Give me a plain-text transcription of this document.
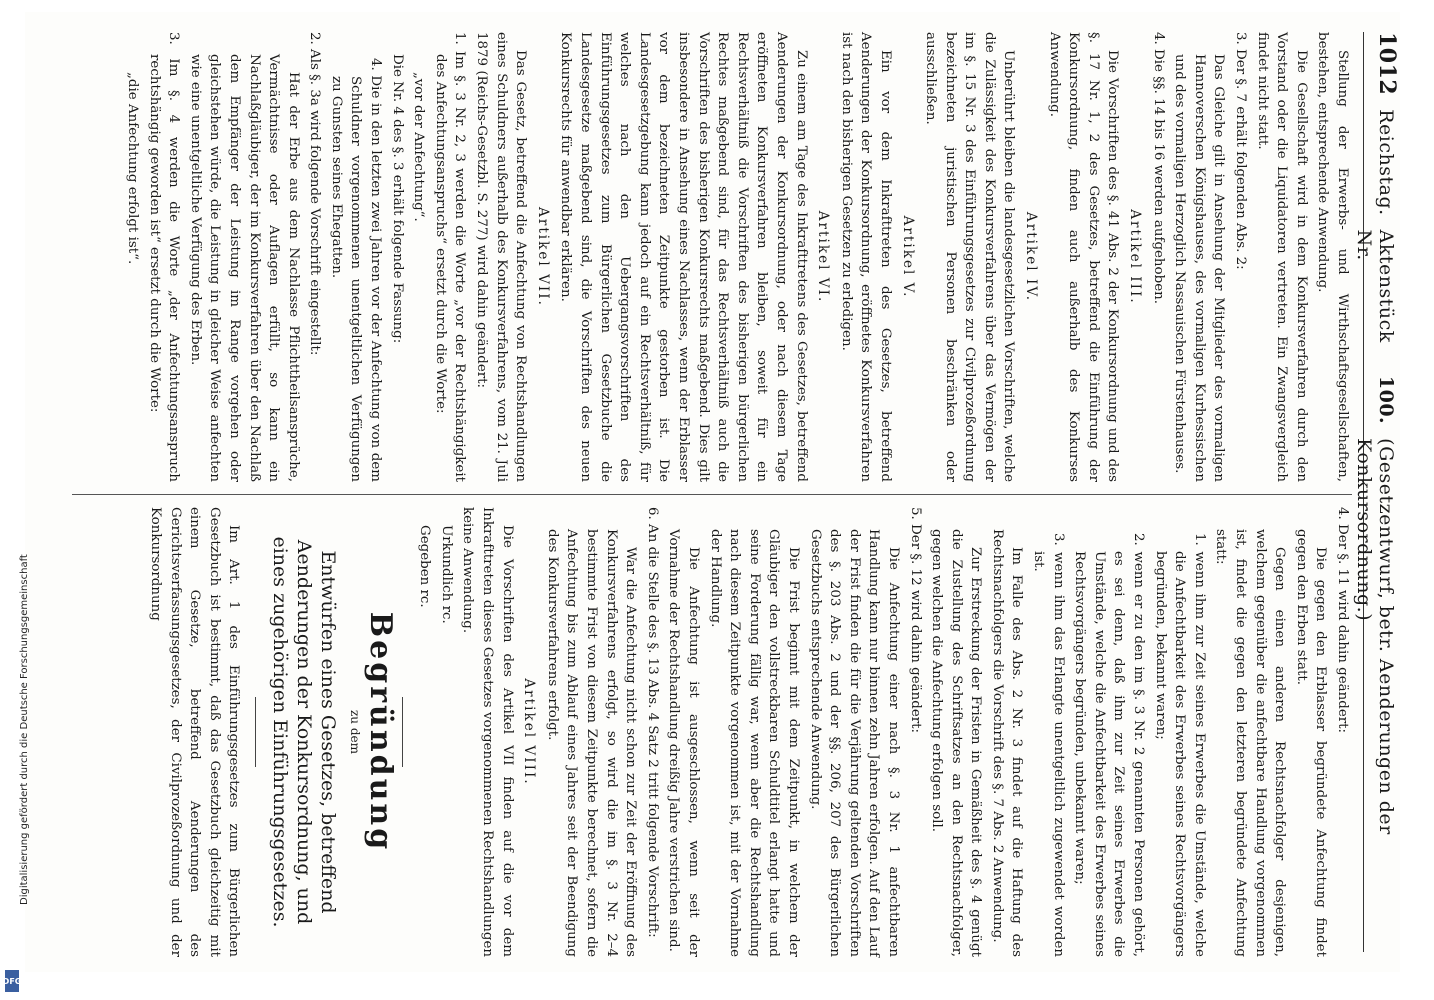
1012
Reichstag.
Aktenstück Nr.
100.
(Gesetzentwurf, betr. Aenderungen der Konkursordnung.)

Stellung der Erwerbs- und Wirthschaftsgesellschaften, bestehen, entsprechende Anwendung.

Die Gesellschaft wird in dem Konkursverfahren durch den Vorstand oder die Liquidatoren vertreten. Ein Zwangsvergleich findet nicht statt.

3. Der §. 7 erhält folgenden Abs. 2:

Das Gleiche gilt in Ansehung der Mitglieder des vormaligen Hannoverschen Königshauses, des vormaligen Kurhessischen und des vormaligen Herzoglich Nassauischen Fürstenhauses.

4. Die §§. 14 bis 16 werden aufgehoben.

Artikel III.

Die Vorschriften des §. 41 Abs. 2 der Konkursordnung und des §. 17 Nr. 1, 2 des Gesetzes, betreffend die Einführung der Konkursordnung, finden auch außerhalb des Konkurses Anwendung.

Artikel IV.

Unberührt bleiben die landesgesetzlichen Vorschriften, welche die Zulässigkeit des Konkursverfahrens über das Vermögen der im §. 15 Nr. 3 des Einführungsgesetzes zur Civilprozeßordnung bezeichneten juristischen Personen beschränken oder ausschließen.

Artikel V.

Ein vor dem Inkrafttreten des Gesetzes, betreffend Aenderungen der Konkursordnung, eröffnetes Konkursverfahren ist nach den bisherigen Gesetzen zu erledigen.

Artikel VI.

Zu einem am Tage des Inkrafttretens des Gesetzes, betreffend Aenderungen der Konkursordnung, oder nach diesem Tage eröffneten Konkursverfahren bleiben, soweit für ein Rechtsverhältniß die Vorschriften des bisherigen bürgerlichen Rechtes maßgebend sind, für das Rechtsverhältniß auch die Vorschriften des bisherigen Konkursrechts maßgebend. Dies gilt insbesondere in Ansehung eines Nachlasses, wenn der Erblasser vor dem bezeichneten Zeitpunkte gestorben ist. Die Landesgesetzgebung kann jedoch auf ein Rechtsverhältniß, für welches nach den Uebergangsvorschriften des Einführungsgesetzes zum Bürgerlichen Gesetzbuche die Landesgesetze maßgebend sind, die Vorschriften des neuen Konkursrechts für anwendbar erklären.

Artikel VII.

Das Gesetz, betreffend die Anfechtung von Rechtshandlungen eines Schuldners außerhalb des Konkursverfahrens, vom 21. Juli 1879 (Reichs-Gesetzbl. S. 277) wird dahin geändert:

1. Im §. 3 Nr. 2, 3 werden die Worte „vor der Rechtshängigkeit des Anfechtungsanspruchs“ ersetzt durch die Worte:

„vor der Anfechtung“.

Die Nr. 4 des §. 3 erhält folgende Fassung:

4. Die in den letzten zwei Jahren vor der Anfechtung von dem Schuldner vorgenommenen unentgeltlichen Verfügungen zu Gunsten seines Ehegatten.

2. Als §. 3a wird folgende Vorschrift eingestellt:

Hat der Erbe aus dem Nachlasse Pflichttheilsansprüche, Vermächtnisse oder Auflagen erfüllt, so kann ein Nachlaßgläubiger, der im Konkursverfahren über den Nachlaß dem Empfänger der Leistung im Range vorgehen oder gleichstehen würde, die Leistung in gleicher Weise anfechten wie eine unentgeltliche Verfügung des Erben.

3. Im §. 4 werden die Worte „der Anfechtungsanspruch rechtshängig geworden ist“ ersetzt durch die Worte:

„die Anfechtung erfolgt ist“.

4. Der §. 11 wird dahin geändert:

Die gegen den Erblasser begründete Anfechtung findet gegen den Erben statt.

Gegen einen anderen Rechtsnachfolger desjenigen, welchem gegenüber die anfechtbare Handlung vorgenommen ist, findet die gegen den letzteren begründete Anfechtung statt:

1. wenn ihm zur Zeit seines Erwerbes die Umstände, welche die Anfechtbarkeit des Erwerbes seines Rechtsvorgängers begründen, bekannt waren;

2. wenn er zu den im §. 3 Nr. 2 genannten Personen gehört, es sei denn, daß ihm zur Zeit seines Erwerbes die Umstände, welche die Anfechtbarkeit des Erwerbes seines Rechtsvorgängers begründen, unbekannt waren;

3. wenn ihm das Erlangte unentgeltlich zugewendet worden ist.

Im Falle des Abs. 2 Nr. 3 findet auf die Haftung des Rechtsnachfolgers die Vorschrift des §. 7 Abs. 2 Anwendung.

Zur Erstreckung der Fristen in Gemäßheit des §. 4 genügt die Zustellung des Schriftsatzes an den Rechtsnachfolger, gegen welchen die Anfechtung erfolgen soll.

5. Der §. 12 wird dahin geändert:

Die Anfechtung einer nach §. 3 Nr. 1 anfechtbaren Handlung kann nur binnen zehn Jahren erfolgen. Auf den Lauf der Frist finden die für die Verjährung geltenden Vorschriften des §. 203 Abs. 2 und der §§. 206, 207 des Bürgerlichen Gesetzbuchs entsprechende Anwendung.

Die Frist beginnt mit dem Zeitpunkt, in welchem der Gläubiger den vollstreckbaren Schuldtitel erlangt hatte und seine Forderung fällig war, wenn aber die Rechtshandlung nach diesem Zeitpunkte vorgenommen ist, mit der Vornahme der Handlung.

Die Anfechtung ist ausgeschlossen, wenn seit der Vornahme der Rechtshandlung dreißig Jahre verstrichen sind.

6. An die Stelle des §. 13 Abs. 4 Satz 2 tritt folgende Vorschrift:

War die Anfechtung nicht schon zur Zeit der Eröffnung des Konkursverfahrens erfolgt, so wird die im §. 3 Nr. 2–4 bestimmte Frist von diesem Zeitpunkte berechnet, sofern die Anfechtung bis zum Ablauf eines Jahres seit der Beendigung des Konkursverfahrens erfolgt.

Artikel VIII.

Die Vorschriften des Artikel VII finden auf die vor dem Inkrafttreten dieses Gesetzes vorgenommenen Rechtshandlungen keine Anwendung.

Urkundlich rc.

Gegeben rc.

Begründung
zu dem
Entwürfen eines Gesetzes, betreffend Aenderungen der Konkursordnung, und eines zugehörigen Einführungsgesetzes.

Im Art. 1 des Einführungsgesetzes zum Bürgerlichen Gesetzbuch ist bestimmt, daß das Gesetzbuch gleichzeitig mit einem Gesetze, betreffend Aenderungen des Gerichtsverfassungsgesetzes, der Civilprozeßordnung und der Konkursordnung

Digitalisierung gefördert durch die Deutsche Forschungsgemeinschaft
DFG
